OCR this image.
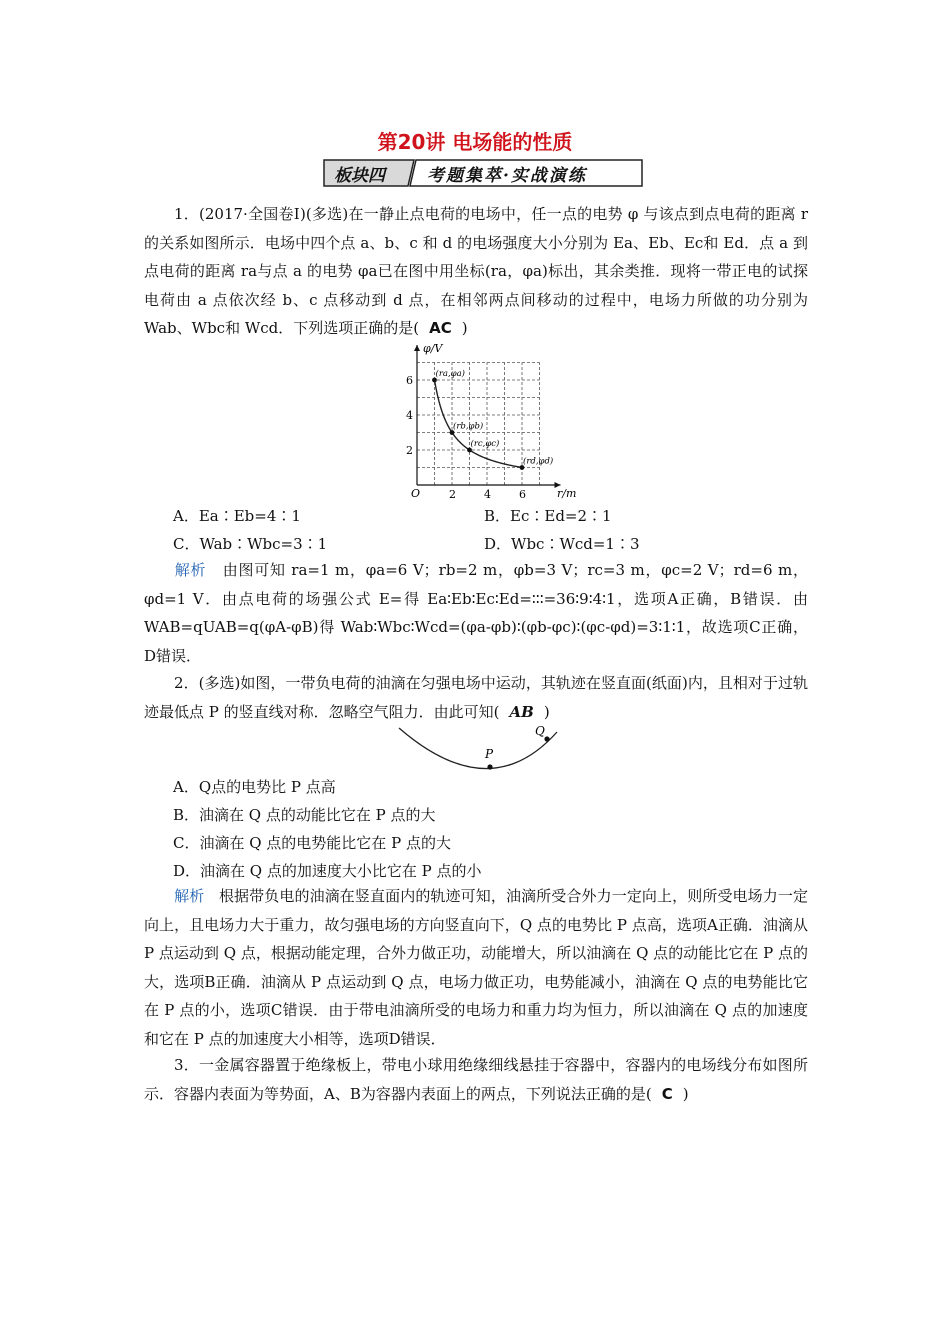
第20讲 电场能的性质
板块四 考题集萃·实战演练
1．(2017·全国卷Ⅰ)(多选)在一静止点电荷的电场中，任一点的电势 φ 与该点到点电荷的距离 r 的关系如图所示．电场中四个点 a、b、c 和 d 的电场强度大小分别为 Ea、Eb、Ec和 Ed．点 a 到点电荷的距离 ra与点 a 的电势 φa已在图中用坐标(ra，φa)标出，其余类推．现将一带正电的试探电荷由 a 点依次经 b、c 点移动到 d 点，在相邻两点间移动的过程中，电场力所做的功分别为 Wab、Wbc和 Wcd．下列选项正确的是( AC )
2	4	6
2
4
6	(ra,φa)
(rb,φb)
(rc,φc)
(rd,φd)
φ/V
r/m
O
A．Ea∶Eb=4∶1	B．Ec∶Ed=2∶1
C．Wab∶Wbc=3∶1	D．Wbc∶Wcd=1∶3
解析 由图可知 ra=1 m，φa=6 V；rb=2 m，φb=3 V；rc=3 m，φc=2 V；rd=6 m，φd=1 V．由点电荷的场强公式 E=得 Ea∶Eb∶Ec∶Ed=∶∶∶=36∶9∶4∶1，选项A正确，B错误．由 WAB=qUAB=q(φA-φB)得 Wab∶Wbc∶Wcd=(φa-φb)∶(φb-φc)∶(φc-φd)=3∶1∶1，故选项C正确，D错误．
2．(多选)如图，一带负电荷的油滴在匀强电场中运动，其轨迹在竖直面(纸面)内，且相对于过轨迹最低点 P 的竖直线对称．忽略空气阻力．由此可知( AB )
P
Q
A．Q点的电势比 P 点高
B．油滴在 Q 点的动能比它在 P 点的大
C．油滴在 Q 点的电势能比它在 P 点的大
D．油滴在 Q 点的加速度大小比它在 P 点的小
解析 根据带负电的油滴在竖直面内的轨迹可知，油滴所受合外力一定向上，则所受电场力一定向上，且电场力大于重力，故匀强电场的方向竖直向下，Q 点的电势比 P 点高，选项A正确．油滴从 P 点运动到 Q 点，根据动能定理，合外力做正功，动能增大，所以油滴在 Q 点的动能比它在 P 点的大，选项B正确．油滴从 P 点运动到 Q 点，电场力做正功，电势能减小，油滴在 Q 点的电势能比它在 P 点的小，选项C错误．由于带电油滴所受的电场力和重力均为恒力，所以油滴在 Q 点的加速度和它在 P 点的加速度大小相等，选项D错误．
3．一金属容器置于绝缘板上，带电小球用绝缘细线悬挂于容器中，容器内的电场线分布如图所示．容器内表面为等势面，A、B为容器内表面上的两点，下列说法正确的是( C )
